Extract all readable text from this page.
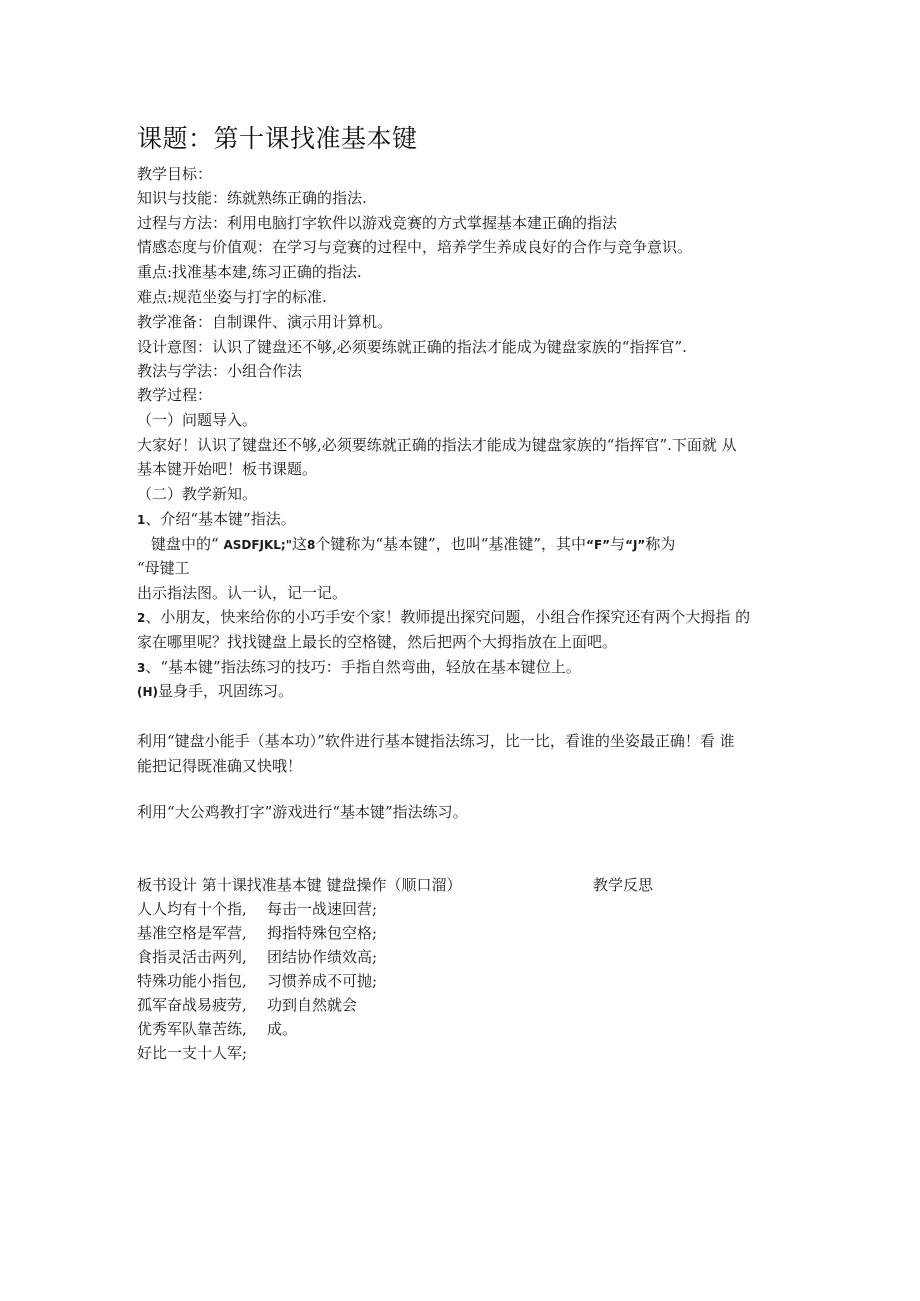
课题：第十课找准基本键
教学目标：
知识与技能：练就熟练正确的指法.
过程与方法：利用电脑打字软件以游戏竞赛的方式掌握基本建正确的指法
情感态度与价值观：在学习与竞赛的过程中，培养学生养成良好的合作与竞争意识。
重点:找准基本建,练习正确的指法.
难点:规范坐姿与打字的标准.
教学准备：自制课件、演示用计算机。
设计意图：认识了键盘还不够,必须要练就正确的指法才能成为键盘家族的“指挥官”.
教法与学法：小组合作法
教学过程：
（一）问题导入。
大家好！认识了键盘还不够,必须要练就正确的指法才能成为键盘家族的“指挥官”.下面就 从
基本键开始吧！板书课题。
（二）教学新知。
1、介绍“基本键”指法。
键盘中的“ ASDFJKL;"这8个键称为“基本键”，也叫“基准键”，其中“F”与“J”称为
“母键工
出示指法图。认一认，记一记。
2、小朋友，快来给你的小巧手安个家！教师提出探究问题，小组合作探究还有两个大拇指 的
家在哪里呢？找找键盘上最长的空格键，然后把两个大拇指放在上面吧。
3、“基本键”指法练习的技巧：手指自然弯曲，轻放在基本键位上。
(H)显身手，巩固练习。
利用“键盘小能手（基本功）”软件进行基本键指法练习，比一比，看谁的坐姿最正确！看 谁
能把记得既准确又快哦！
利用“大公鸡教打字”游戏进行“基本键”指法练习。
板书设计 第十课找准基本键 键盘操作（顺口溜）	教学反思
人人均有十个指,
基准空格是军营,
食指灵活击两列,
特殊功能小指包,
孤军奋战易疲劳,
优秀军队靠苦练,
好比一支十人军;
每击一战速回营;
拇指特殊包空格;
团结协作绩效高;
习惯养成不可抛;
功到自然就会
成。
